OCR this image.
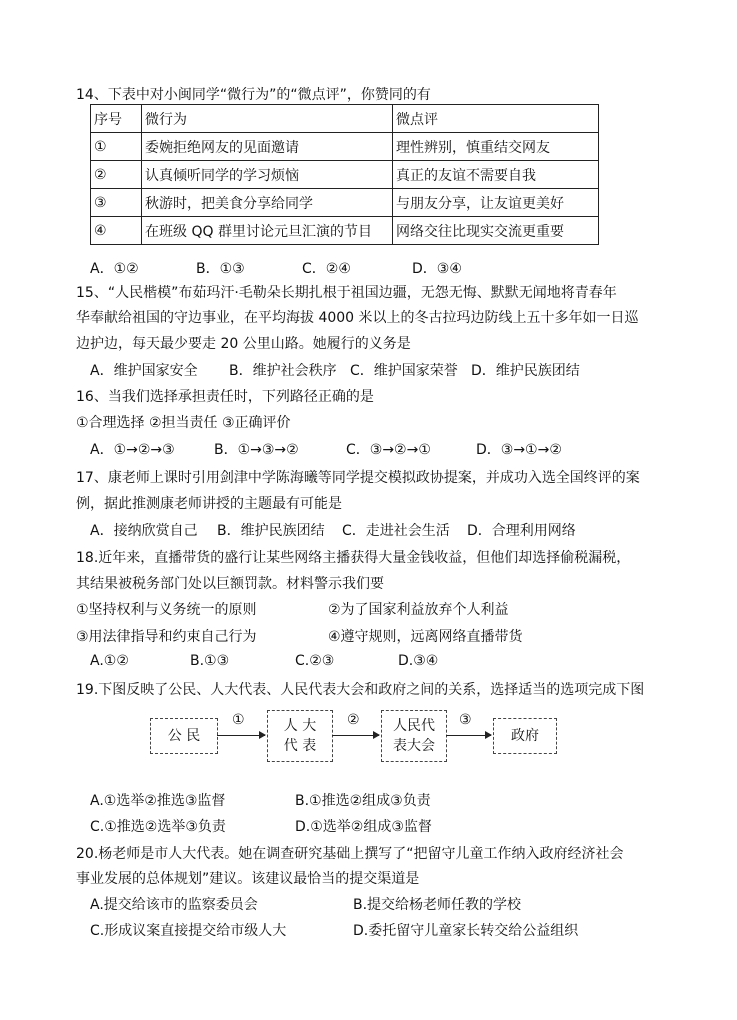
14、下表中对小闽同学“微行为”的“微点评”，你赞同的有
序号	微行为	微点评
①	委婉拒绝网友的见面邀请	理性辨别，慎重结交网友
②	认真倾听同学的学习烦恼	真正的友谊不需要自我
③	秋游时，把美食分享给同学	与朋友分享，让友谊更美好
④	在班级 QQ 群里讨论元旦汇演的节目	网络交往比现实交流更重要
A．①②	B．①③	C．②④	D．③④
15、“人民楷模”布茹玛汗·毛勒朵长期扎根于祖国边疆，无怨无悔、默默无闻地将青春年
华奉献给祖国的守边事业，在平均海拔 4000 米以上的冬古拉玛边防线上五十多年如一日巡
边护边，每天最少要走 20 公里山路。她履行的义务是
A．维护国家安全 B．维护社会秩序 C．维护国家荣誉 D．维护民族团结
16、当我们选择承担责任时，下列路径正确的是
①合理选择 ②担当责任 ③正确评价
A．①→②→③	B．①→③→②	C．③→②→①	D．③→①→②
17、康老师上课时引用剑津中学陈海曦等同学提交模拟政协提案，并成功入选全国终评的案
例，据此推测康老师讲授的主题最有可能是
A．接纳欣赏自己 B．维护民族团结 C．走进社会生活 D．合理利用网络
18.近年来，直播带货的盛行让某些网络主播获得大量金钱收益，但他们却选择偷税漏税，
其结果被税务部门处以巨额罚款。材料警示我们要
①坚持权利与义务统一的原则	②为了国家利益放弃个人利益
③用法律指导和约束自己行为	④遵守规则，远离网络直播带货
A.①②	B.①③	C.②③	D.③④
19.下图反映了公民、人大代表、人民代表大会和政府之间的关系，选择适当的选项完成下图
公 民
人 大
代 表
人民代
表大会
政府
①	②	③
A.①选举②推选③监督	B.①推选②组成③负责
C.①推选②选举③负责	D.①选举②组成③监督
20.杨老师是市人大代表。她在调查研究基础上撰写了“把留守儿童工作纳入政府经济社会
事业发展的总体规划”建议。该建议最恰当的提交渠道是
A.提交给该市的监察委员会	B.提交给杨老师任教的学校
C.形成议案直接提交给市级人大	D.委托留守儿童家长转交给公益组织
